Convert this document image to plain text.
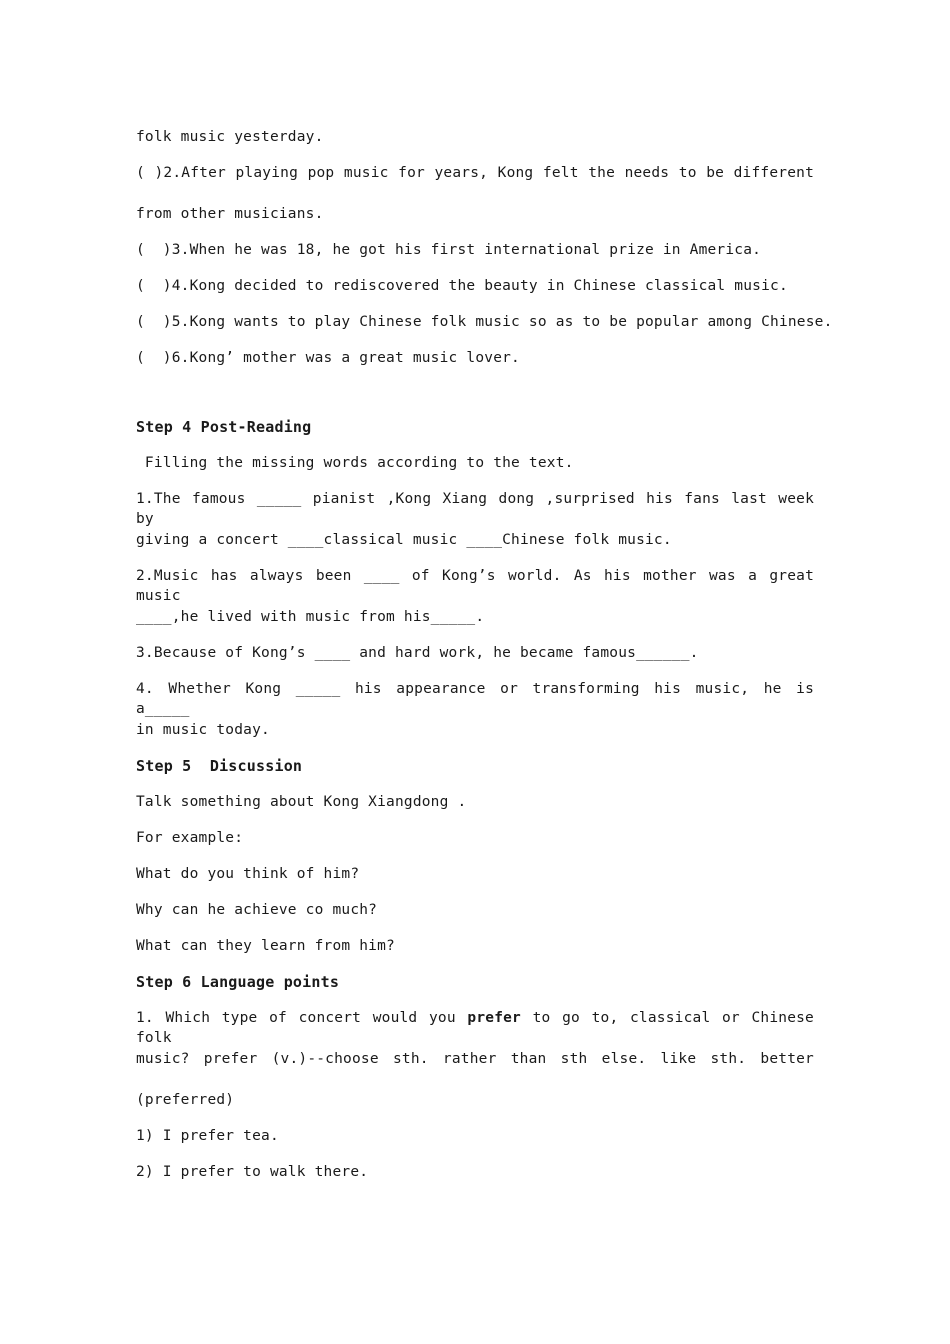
folk music yesterday.
( )2.After playing pop music for years, Kong felt the needs to be different
from other musicians.
(  )3.When he was 18, he got his first international prize in America.
(  )4.Kong decided to rediscovered the beauty in Chinese classical music.
(  )5.Kong wants to play Chinese folk music so as to be popular among Chinese.
(  )6.Kong’ mother was a great music lover.
Step 4 Post-Reading
Filling the missing words according to the text.
1.The famous _____ pianist ,Kong Xiang dong ,surprised his fans last week by
giving a concert ____classical music ____Chinese folk music.
2.Music has always been ____ of Kong’s world. As his mother was a great music
____,he lived with music from his_____.
3.Because of Kong’s ____ and hard work, he became famous______.
4. Whether Kong _____ his appearance or transforming his music, he is a_____
in music today.
Step 5  Discussion
Talk something about Kong Xiangdong .
For example:
What do you think of him?
Why can he achieve co much?
What can they learn from him?
Step 6 Language points
1. Which type of concert would you prefer to go to, classical or Chinese folk
music? prefer (v.)--choose sth. rather than sth else. like sth. better
(preferred)
1) I prefer tea.
2) I prefer to walk there.
